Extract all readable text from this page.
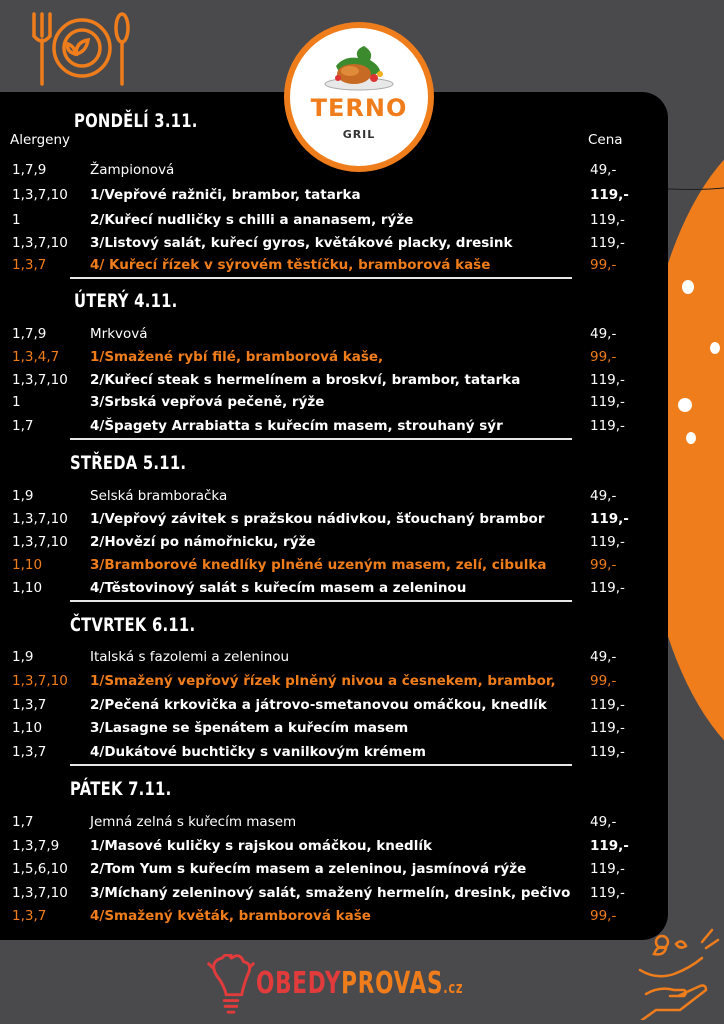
TERNO
GRIL
Alergeny	Cena
PONDĚLÍ 3.11.
1,7,9	Žampionová	49,-
1,3,7,10 1/Vepřové ražniči, brambor, tatarka	119,-
1	2/Kuřecí nudličky s chilli a ananasem, rýže	119,-
1,3,7,10 3/Listový salát, kuřecí gyros, květákové placky, dresink	119,-
1,3,7	4/ Kuřecí řízek v sýrovém těstíčku, bramborová kaše	99,-
ÚTERÝ 4.11.
1,7,9	Mrkvová	49,-
1,3,4,7 1/Smažené rybí filé, bramborová kaše,	99,-
1,3,7,10 2/Kuřecí steak s hermelínem a broskví, brambor, tatarka	119,-
1	3/Srbská vepřová pečeně, rýže	119,-
1,7	4/Špagety Arrabiatta s kuřecím masem, strouhaný sýr	119,-
STŘEDA 5.11.
1,9	Selská bramboračka	49,-
1,3,7,10 1/Vepřový závitek s pražskou nádivkou, šťouchaný brambor	119,-
1,3,7,10 2/Hovězí po námořnicku, rýže	119,-
1,10	3/Bramborové knedlíky plněné uzeným masem, zelí, cibulka	99,-
1,10	4/Těstovinový salát s kuřecím masem a zeleninou	119,-
ČTVRTEK 6.11.
1,9	Italská s fazolemi a zeleninou	49,-
1,3,7,10 1/Smažený vepřový řízek plněný nivou a česnekem, brambor,	99,-
1,3,7	2/Pečená krkovička a játrovo-smetanovou omáčkou, knedlík	119,-
1,10	3/Lasagne se špenátem a kuřecím masem	119,-
1,3,7	4/Dukátové buchtičky s vanilkovým krémem	119,-
PÁTEK 7.11.
1,7	Jemná zelná s kuřecím masem	49,-
1,3,7,9 1/Masové kuličky s rajskou omáčkou, knedlík	119,-
1,5,6,10 2/Tom Yum s kuřecím masem a zeleninou, jasmínová rýže	119,-
1,3,7,10 3/Míchaný zeleninový salát, smažený hermelín, dresink, pečivo 119,-
1,3,7	4/Smažený květák, bramborová kaše	99,-
OBEDYPROVAS.cz
